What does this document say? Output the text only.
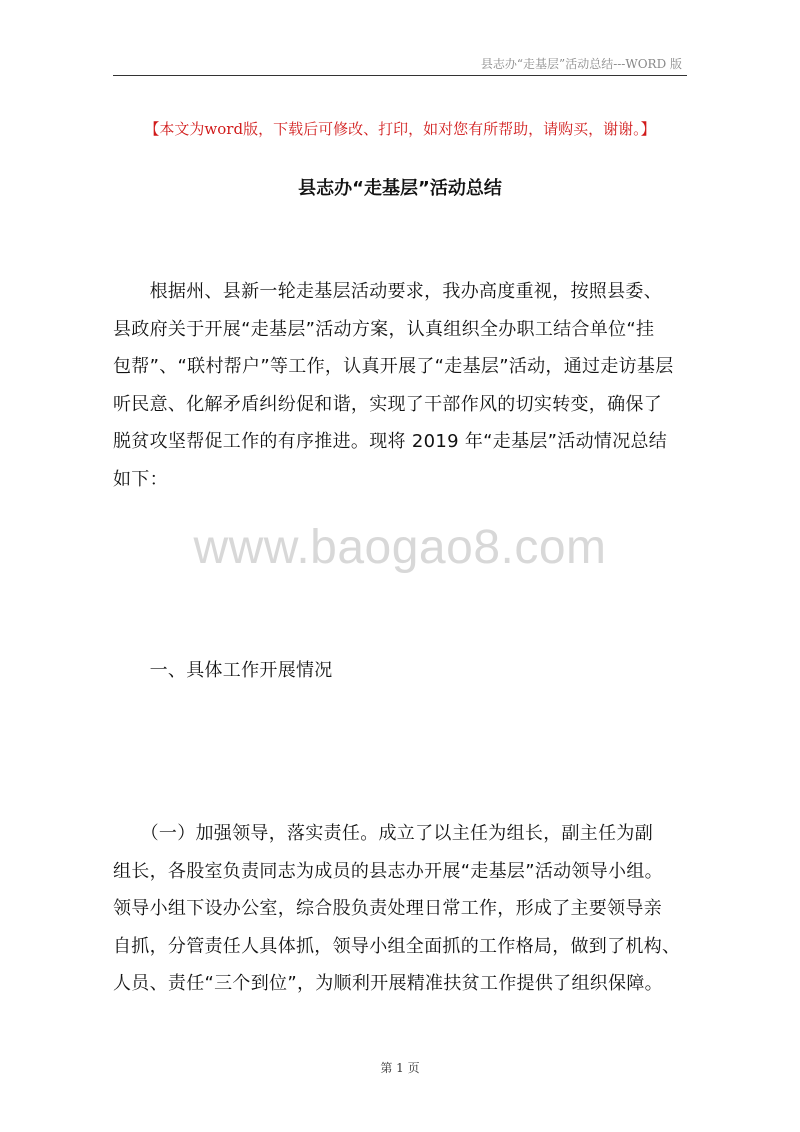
县志办“走基层”活动总结---WORD 版
【本文为word版，下载后可修改、打印，如对您有所帮助，请购买，谢谢。】
县志办“走基层”活动总结
　　根据州、县新一轮走基层活动要求，我办高度重视，按照县委、
县政府关于开展“走基层”活动方案，认真组织全办职工结合单位“挂
包帮”、“联村帮户”等工作，认真开展了“走基层”活动，通过走访基层
听民意、化解矛盾纠纷促和谐，实现了干部作风的切实转变，确保了
脱贫攻坚帮促工作的有序推进。现将 2019 年“走基层”活动情况总结
如下：
www.baogao8.com
　　一、具体工作开展情况
　　（一）加强领导，落实责任。成立了以主任为组长，副主任为副
组长，各股室负责同志为成员的县志办开展“走基层”活动领导小组。
领导小组下设办公室，综合股负责处理日常工作，形成了主要领导亲
自抓，分管责任人具体抓，领导小组全面抓的工作格局，做到了机构、
人员、责任“三个到位”，为顺利开展精准扶贫工作提供了组织保障。
第 1 页
